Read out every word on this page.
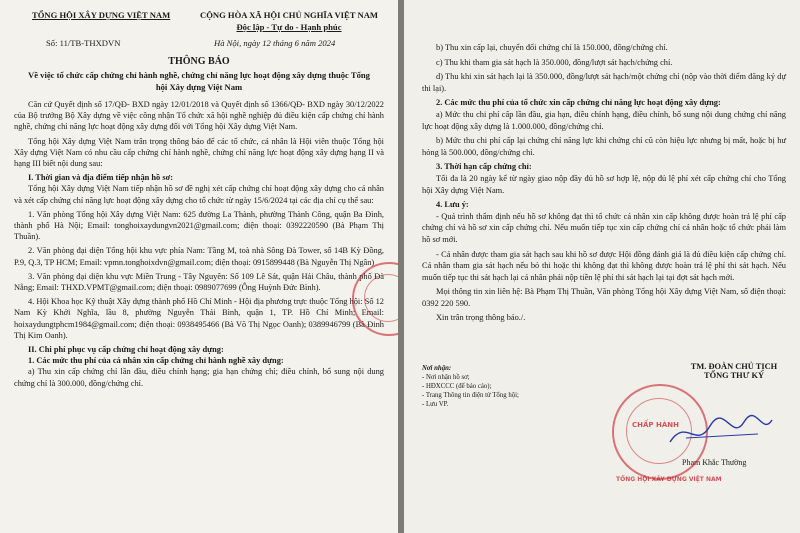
TỔNG HỘI XÂY DỰNG VIỆT NAM
Số: 11/TB-THXDVN
CỘNG HÒA XÃ HỘI CHỦ NGHĨA VIỆT NAM
Độc lập - Tự do - Hạnh phúc
Hà Nội, ngày 12 tháng 6 năm 2024
THÔNG BÁO
Về việc tổ chức cấp chứng chỉ hành nghề, chứng chỉ năng lực hoạt động xây dựng thuộc Tổng hội Xây dựng Việt Nam

Căn cứ Quyết định số 17/QĐ- BXD ngày 12/01/2018 và Quyết định số 1366/QĐ- BXD ngày 30/12/2022 của Bộ trưởng Bộ Xây dựng về việc công nhận Tổ chức xã hội nghề nghiệp đủ điều kiện cấp chứng chỉ hành nghề, chứng chỉ năng lực hoạt động xây dựng đối với Tổng hội Xây dựng Việt Nam.

Tổng hội Xây dựng Việt Nam trân trọng thông báo để các tổ chức, cá nhân là Hội viên thuộc Tổng hội Xây dựng Việt Nam có nhu cầu cấp chứng chỉ hành nghề, chứng chỉ năng lực hoạt động xây dựng hạng II và hạng III biết nội dung sau:

I. Thời gian và địa điểm tiếp nhận hồ sơ:

Tổng hội Xây dựng Việt Nam tiếp nhận hồ sơ đề nghị xét cấp chứng chỉ hoạt động xây dựng cho cá nhân và xét cấp chứng chỉ năng lực hoạt động xây dựng cho tổ chức từ ngày 15/6/2024 tại các địa chỉ cụ thể sau:

1. Văn phòng Tổng hội Xây dựng Việt Nam: 625 đường La Thành, phường Thành Công, quận Ba Đình, thành phố Hà Nội; Email: tonghoixaydungvn2021@gmail.com; điện thoại: 0392220590 (Bà Phạm Thị Thuần).

2. Văn phòng đại diện Tổng hội khu vực phía Nam: Tầng M, toà nhà Sông Đà Tower, số 14B Kỳ Đồng, P.9, Q.3, TP HCM; Email: vpmn.tonghoixdvn@gmail.com; điện thoại: 0915899448 (Bà Nguyễn Thị Ngân)

3. Văn phòng đại diện khu vực Miền Trung - Tây Nguyên: Số 109 Lê Sát, quận Hải Châu, thành phố Đà Nẵng; Email: THXD.VPMT@gmail.com; điện thoại: 0989077699 (Ông Huỳnh Đức Bình).

4. Hội Khoa học Kỹ thuật Xây dựng thành phố Hồ Chí Minh - Hội địa phương trực thuộc Tổng hội: Số 12 Nam Kỳ Khởi Nghĩa, lầu 8, phường Nguyễn Thái Bình, quận 1, TP. Hồ Chí Minh; Email: hoixaydungtphcm1984@gmail.com; điện thoại: 0938495466 (Bà Võ Thị Ngọc Oanh); 0389946799 (Bà Đinh Thị Kim Oanh).

II. Chi phí phục vụ cấp chứng chỉ hoạt động xây dựng:

1. Các mức thu phí của cá nhân xin cấp chứng chỉ hành nghề xây dựng:

a) Thu xin cấp chứng chỉ lần đầu, điều chỉnh hạng; gia hạn chứng chỉ; điều chỉnh, bổ sung nội dung chứng chỉ là 300.000, đồng/chứng chỉ.

b) Thu xin cấp lại, chuyển đổi chứng chỉ là 150.000, đồng/chứng chỉ.

c) Thu khi tham gia sát hạch là 350.000, đồng/lượt sát hạch/chứng chỉ.

d) Thu khi xin sát hạch lại là 350.000, đồng/lượt sát hạch/một chứng chỉ (nộp vào thời điểm đăng ký dự thi lại).

2. Các mức thu phí của tổ chức xin cấp chứng chỉ năng lực hoạt động xây dựng:

a) Mức thu chi phí cấp lần đầu, gia hạn, điều chỉnh hạng, điều chỉnh, bổ sung nội dung chứng chỉ năng lực hoạt động xây dựng là 1.000.000, đồng/chứng chỉ.

b) Mức thu chi phí cấp lại chứng chỉ năng lực khi chứng chỉ cũ còn hiệu lực nhưng bị mất, hoặc bị hư hỏng là 500.000, đồng/chứng chỉ.

3. Thời hạn cấp chứng chỉ:

Tối đa là 20 ngày kể từ ngày giao nộp đầy đủ hồ sơ hợp lệ, nộp đủ lệ phí xét cấp chứng chỉ cho Tổng hội Xây dựng Việt Nam.

4. Lưu ý:

- Quá trình thẩm định nếu hồ sơ không đạt thì tổ chức cá nhân xin cấp không được hoàn trả lệ phí cấp chứng chỉ và hồ sơ xin cấp chứng chỉ. Nếu muốn tiếp tục xin cấp chứng chỉ cá nhân hoặc tổ chức phải làm hồ sơ mới.

- Cá nhân được tham gia sát hạch sau khi hồ sơ được Hội đồng đánh giá là đủ điều kiện cấp chứng chỉ. Cá nhân tham gia sát hạch nếu bỏ thi hoặc thi không đạt thì không được hoàn trả lệ phí thi sát hạch. Nếu muốn tiếp tục thi sát hạch lại cá nhân phải nộp tiền lệ phí thi sát hạch lại tại đợt sát hạch mới.

Mọi thông tin xin liên hệ: Bà Phạm Thị Thuần, Văn phòng Tổng hội Xây dựng Việt Nam, số điện thoại: 0392 220 590.

Xin trân trọng thông báo./.

Nơi nhận:
- Nơi nhận hồ sơ;
- HĐXCCC (để báo cáo);
- Trang Thông tin điện tử Tổng hội;
- Lưu VP.
TM. ĐOÀN CHỦ TỊCH
TỔNG THƯ KÝ
Phạm Khắc Thường
CHẤP HÀNH
TỔNG HỘI XÂY DỰNG VIỆT NAM
